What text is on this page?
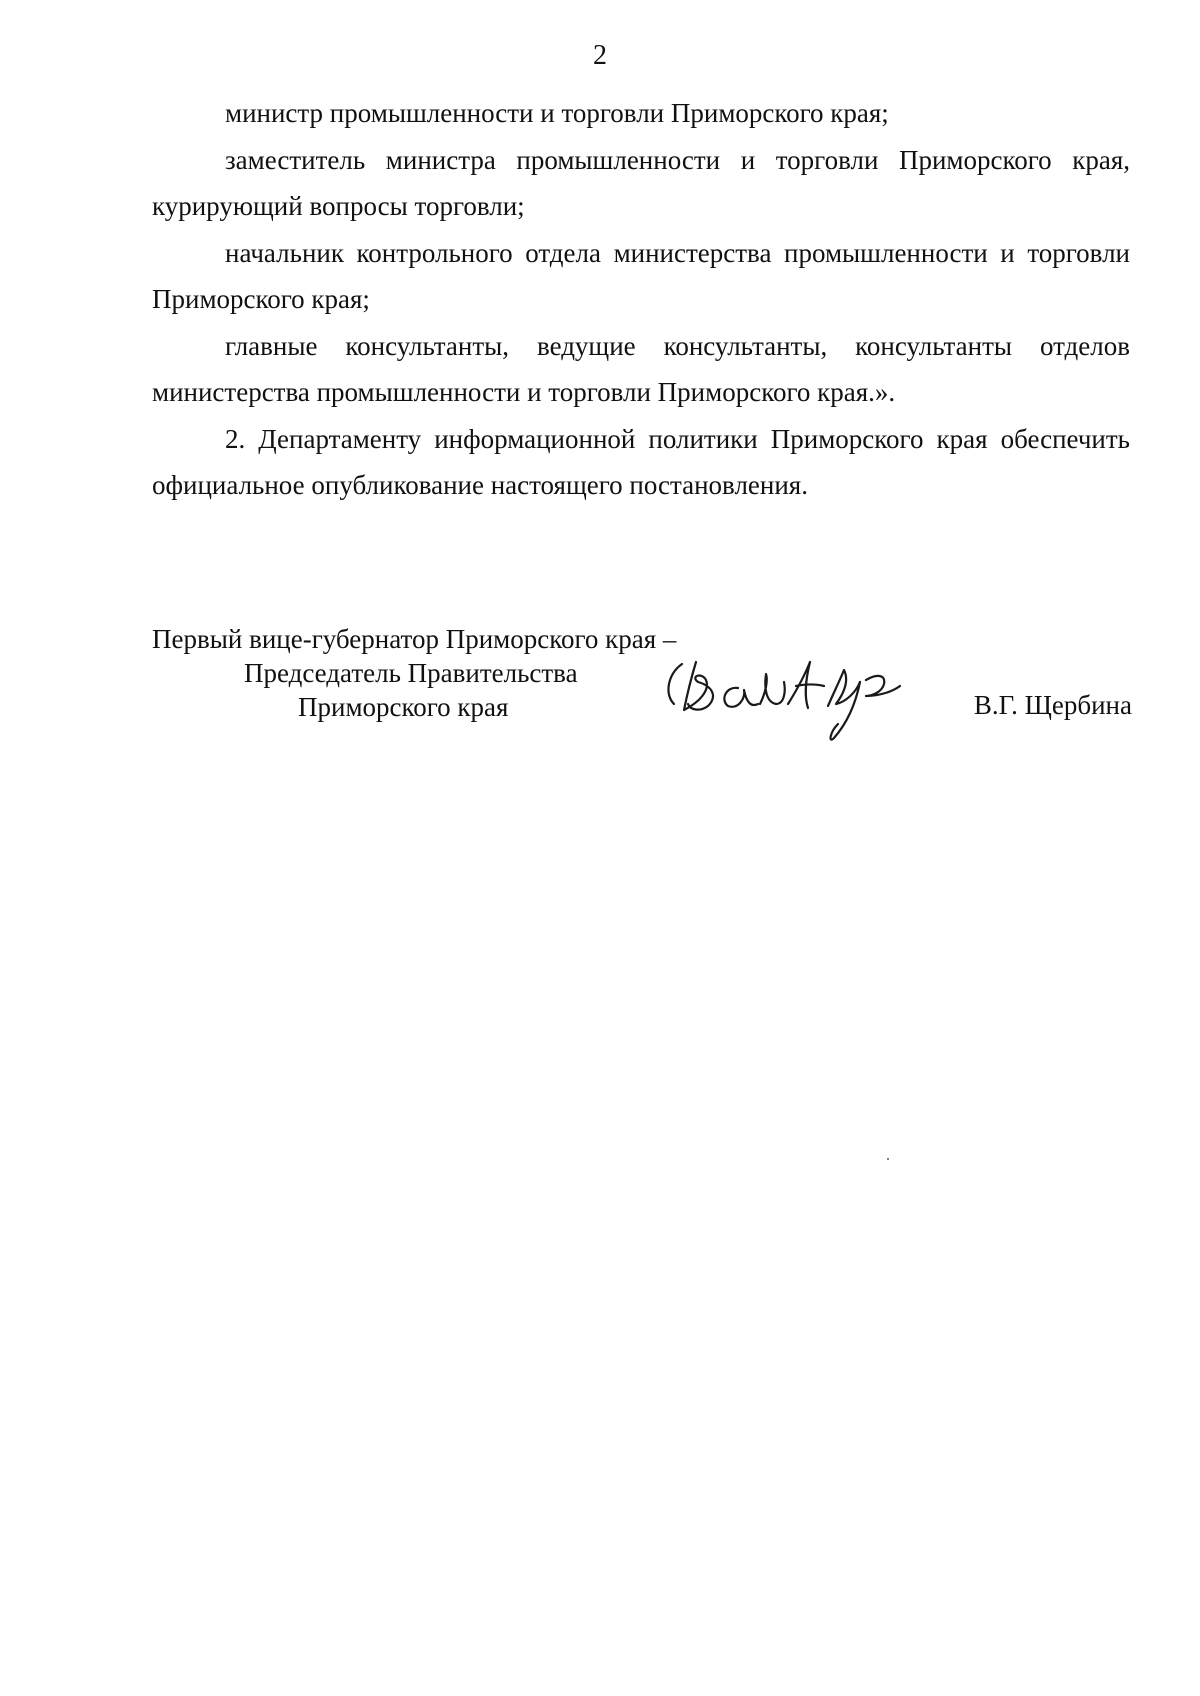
2

министр промышленности и торговли Приморского края;

заместитель министра промышленности и торговли Приморского края, курирующий вопросы торговли;

начальник контрольного отдела министерства промышленности и торговли Приморского края;

главные консультанты, ведущие консультанты, консультанты отделов министерства промышленности и торговли Приморского края.».

2. Департаменту информационной политики Приморского края обеспечить официальное опубликование настоящего постановления.

Первый вице-губернатор Приморского края –
Председатель Правительства
Приморского края	В.Г. Щербина
